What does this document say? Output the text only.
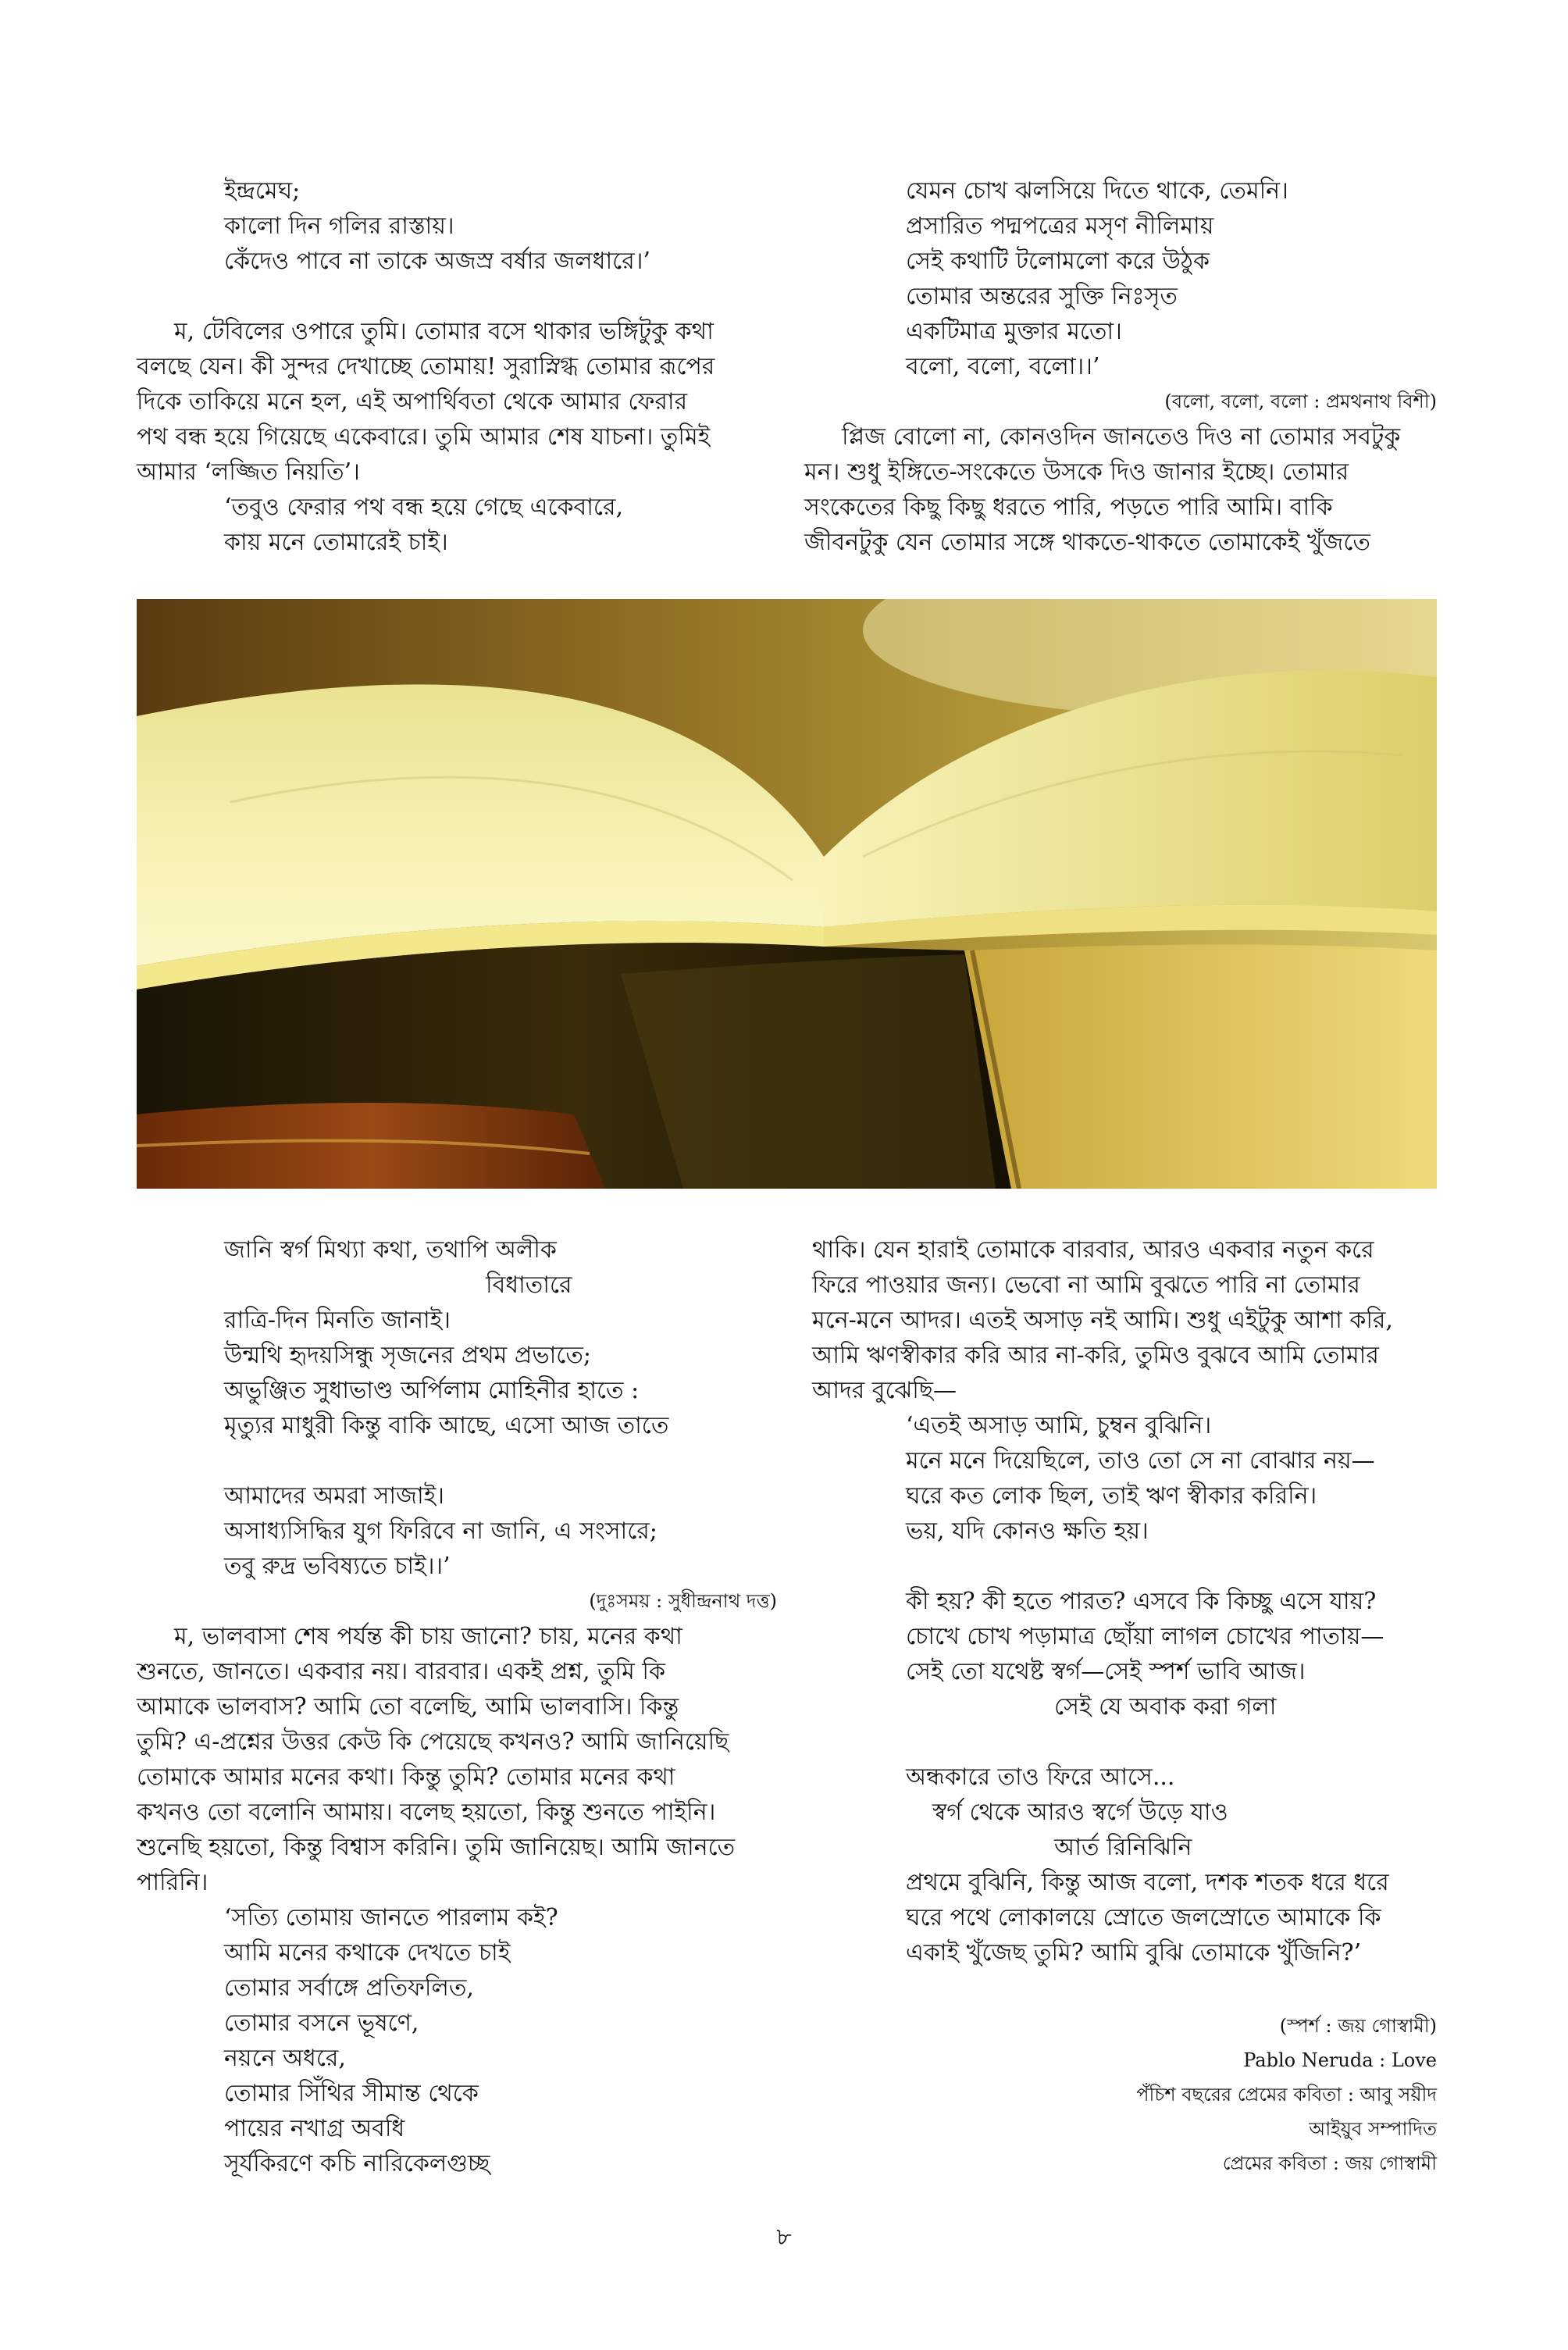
ইন্দ্রমেঘ;
কালো দিন গলির রাস্তায়।
কেঁদেও পাবে না তাকে অজস্র বর্ষার জলধারে।’
ম, টেবিলের ওপারে তুমি। তোমার বসে থাকার ভঙ্গিটুকু কথা
বলছে যেন। কী সুন্দর দেখাচ্ছে তোমায়! সুরাস্নিগ্ধ তোমার রূপের
দিকে তাকিয়ে মনে হল, এই অপার্থিবতা থেকে আমার ফেরার
পথ বন্ধ হয়ে গিয়েছে একেবারে। তুমি আমার শেষ যাচনা। তুমিই
আমার ‘লজ্জিত নিয়তি’।
‘তবুও ফেরার পথ বন্ধ হয়ে গেছে একেবারে,
কায় মনে তোমারেই চাই।
যেমন চোখ ঝলসিয়ে দিতে থাকে, তেমনি।
প্রসারিত পদ্মপত্রের মসৃণ নীলিমায়
সেই কথাটি টলোমলো করে উঠুক
তোমার অন্তরের সুক্তি নিঃসৃত
একটিমাত্র মুক্তার মতো।
বলো, বলো, বলো।।’
(বলো, বলো, বলো : প্রমথনাথ বিশী)
প্লিজ বোলো না, কোনওদিন জানতেও দিও না তোমার সবটুকু
মন। শুধু ইঙ্গিতে-সংকেতে উসকে দিও জানার ইচ্ছে। তোমার
সংকেতের কিছু কিছু ধরতে পারি, পড়তে পারি আমি। বাকি
জীবনটুকু যেন তোমার সঙ্গে থাকতে-থাকতে তোমাকেই খুঁজতে
জানি স্বর্গ মিথ্যা কথা, তথাপি অলীক
বিধাতারে
রাত্রি-দিন মিনতি জানাই।
উন্মথি হৃদয়সিন্ধু সৃজনের প্রথম প্রভাতে;
অভুঞ্জিত সুধাভাণ্ড অর্পিলাম মোহিনীর হাতে :
মৃত্যুর মাধুরী কিন্তু বাকি আছে, এসো আজ তাতে
আমাদের অমরা সাজাই।
অসাধ্যসিদ্ধির যুগ ফিরিবে না জানি, এ সংসারে;
তবু রুদ্র ভবিষ্যতে চাই।।’
(দুঃসময় : সুধীন্দ্রনাথ দত্ত)
ম, ভালবাসা শেষ পর্যন্ত কী চায় জানো? চায়, মনের কথা
শুনতে, জানতে। একবার নয়। বারবার। একই প্রশ্ন, তুমি কি
আমাকে ভালবাস? আমি তো বলেছি, আমি ভালবাসি। কিন্তু
তুমি? এ-প্রশ্নের উত্তর কেউ কি পেয়েছে কখনও? আমি জানিয়েছি
তোমাকে আমার মনের কথা। কিন্তু তুমি? তোমার মনের কথা
কখনও তো বলোনি আমায়। বলেছ হয়তো, কিন্তু শুনতে পাইনি।
শুনেছি হয়তো, কিন্তু বিশ্বাস করিনি। তুমি জানিয়েছ। আমি জানতে
পারিনি।
‘সত্যি তোমায় জানতে পারলাম কই?
আমি মনের কথাকে দেখতে চাই
তোমার সর্বাঙ্গে প্রতিফলিত,
তোমার বসনে ভূষণে,
নয়নে অধরে,
তোমার সিঁথির সীমান্ত থেকে
পায়ের নখাগ্র অবধি
সূর্যকিরণে কচি নারিকেলগুচ্ছ
থাকি। যেন হারাই তোমাকে বারবার, আরও একবার নতুন করে
ফিরে পাওয়ার জন্য। ভেবো না আমি বুঝতে পারি না তোমার
মনে-মনে আদর। এতই অসাড় নই আমি। শুধু এইটুকু আশা করি,
আমি ঋণস্বীকার করি আর না-করি, তুমিও বুঝবে আমি তোমার
আদর বুঝেছি—
‘এতই অসাড় আমি, চুম্বন বুঝিনি।
মনে মনে দিয়েছিলে, তাও তো সে না বোঝার নয়—
ঘরে কত লোক ছিল, তাই ঋণ স্বীকার করিনি।
ভয়, যদি কোনও ক্ষতি হয়।
কী হয়? কী হতে পারত? এসবে কি কিচ্ছু এসে যায়?
চোখে চোখ পড়ামাত্র ছোঁয়া লাগল চোখের পাতায়—
সেই তো যথেষ্ট স্বর্গ—সেই স্পর্শ ভাবি আজ।
সেই যে অবাক করা গলা
অন্ধকারে তাও ফিরে আসে...
স্বর্গ থেকে আরও স্বর্গে উড়ে যাও
আর্ত রিনিঝিনি
প্রথমে বুঝিনি, কিন্তু আজ বলো, দশক শতক ধরে ধরে
ঘরে পথে লোকালয়ে স্রোতে জলস্রোতে আমাকে কি
একাই খুঁজেছ তুমি? আমি বুঝি তোমাকে খুঁজিনি?’
(স্পর্শ : জয় গোস্বামী)
Pablo Neruda : Love
পঁচিশ বছরের প্রেমের কবিতা : আবু সয়ীদ
আইয়ুব সম্পাদিত
প্রেমের কবিতা : জয় গোস্বামী
৮
